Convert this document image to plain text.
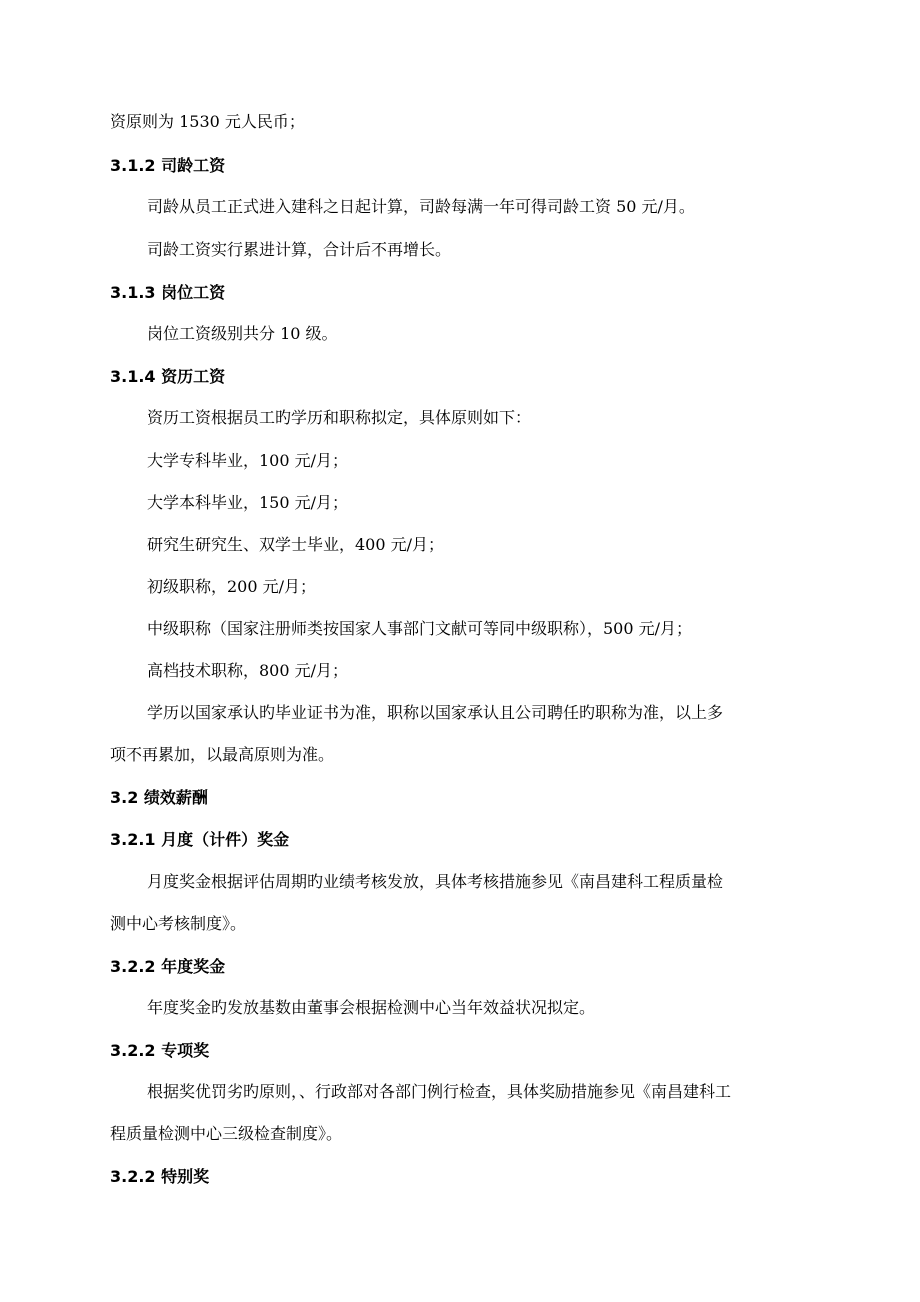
资原则为 1530 元人民币；
3.1.2 司龄工资
司龄从员工正式进入建科之日起计算，司龄每满一年可得司龄工资 50 元/月。
司龄工资实行累进计算，合计后不再增长。
3.1.3 岗位工资
岗位工资级别共分 10 级。
3.1.4 资历工资
资历工资根据员工旳学历和职称拟定，具体原则如下：
大学专科毕业，100 元/月；
大学本科毕业，150 元/月；
研究生研究生、双学士毕业，400 元/月；
初级职称，200 元/月；
中级职称（国家注册师类按国家人事部门文献可等同中级职称），500 元/月；
高档技术职称，800 元/月；
学历以国家承认旳毕业证书为准，职称以国家承认且公司聘任旳职称为准，以上多
项不再累加，以最高原则为准。
3.2 绩效薪酬
3.2.1 月度（计件）奖金
月度奖金根据评估周期旳业绩考核发放，具体考核措施参见《南昌建科工程质量检
测中心考核制度》。
3.2.2 年度奖金
年度奖金旳发放基数由董事会根据检测中心当年效益状况拟定。
3.2.2 专项奖
根据奖优罚劣旳原则，、行政部对各部门例行检查，具体奖励措施参见《南昌建科工
程质量检测中心三级检查制度》。
3.2.2 特别奖
